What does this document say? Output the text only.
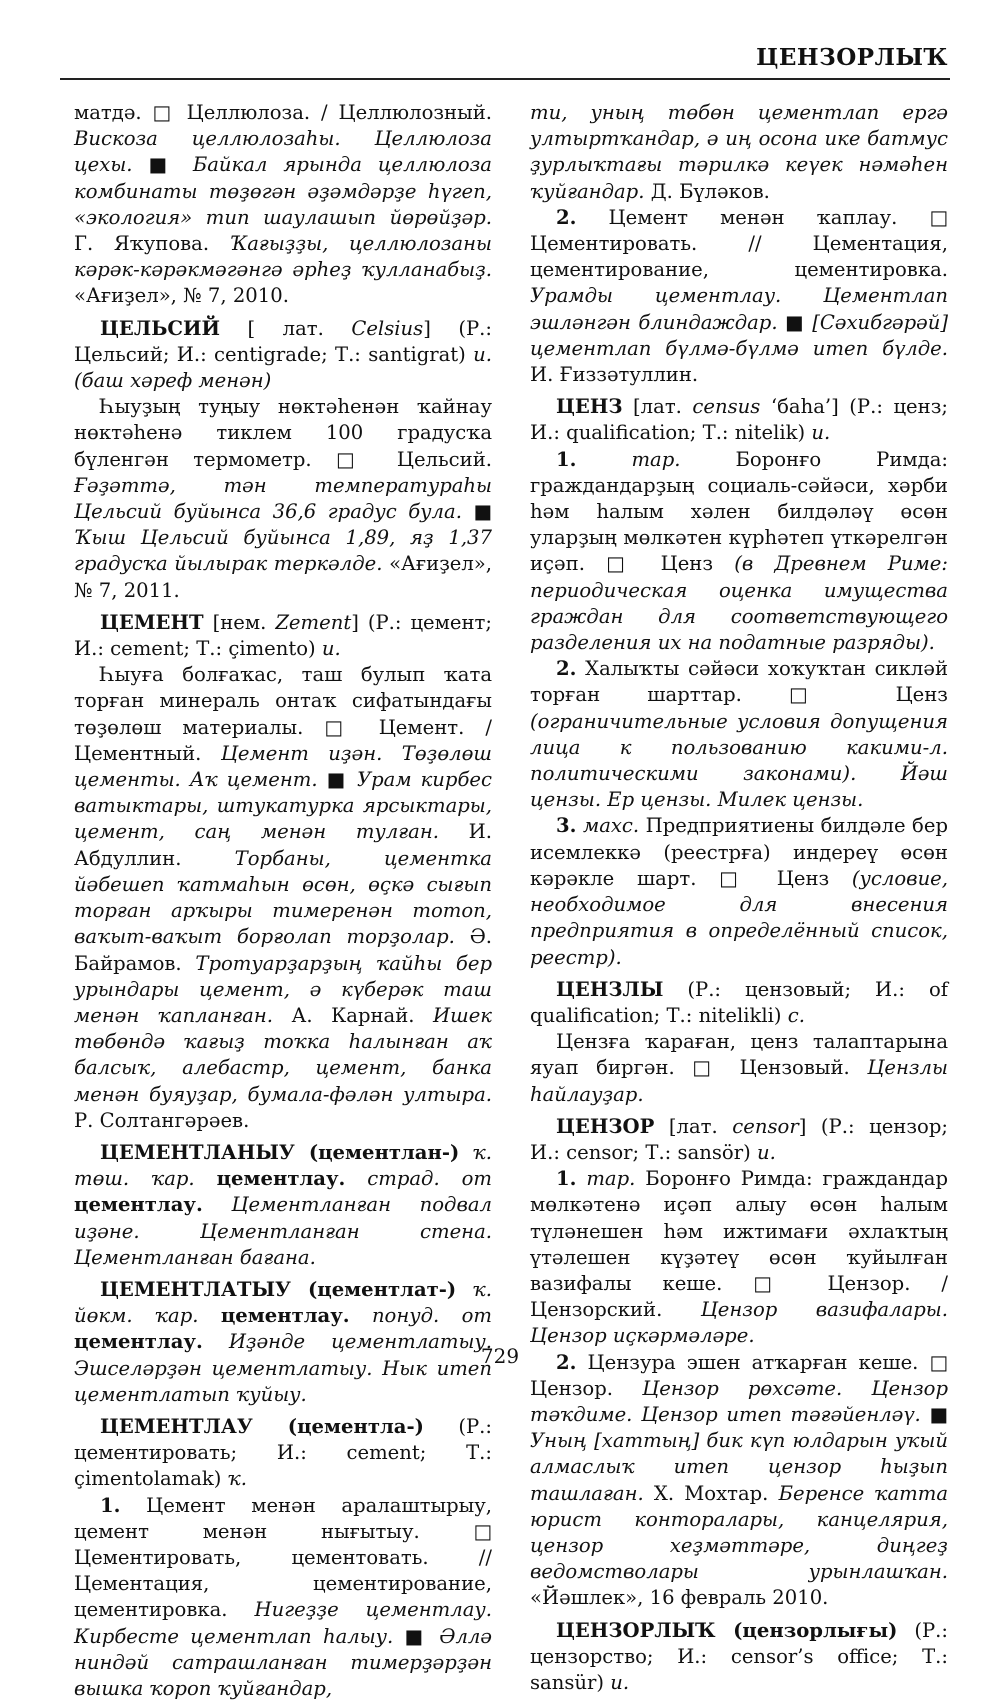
ЦЕНЗОРЛЫҠ

матдә. □ Целлюлоза. / Целлюлозный. Вискоза целлюлозаһы. Целлюлоза цехы. ■ Байкал ярында целлюлоза комбинаты төҙөгән әҙәмдәрҙе һүгеп, «экология» тип шаулашып йөрөйҙәр. Г. Яҡупова. Ҡағыҙҙы, целлюлозаны кәрәк-кәрәкмәгәнгә әрһеҙ ҡулланабыҙ. «Ағиҙел», № 7, 2010.

ЦЕЛЬСИЙ [ лат. Celsius] (Р.: Цельсий; И.: centigrade; Т.: santigrat) и. (баш хәреф менән)

Һыуҙың туңыу нөктәһенән ҡайнау нөктәһенә тиклем 100 градусҡа бүленгән термометр. □ Цельсий. Ғәҙәттә, тән температураһы Цельсий буйынса 36,6 градус була. ■ Ҡыш Цельсий буйынса 1,89, яҙ 1,37 градусҡа йылырак теркәлде. «Ағиҙел», № 7, 2011.

ЦЕМЕНТ [нем. Zement] (Р.: цемент; И.: cement; Т.: çimento) и.

Һыуға болғаҡас, таш булып ҡата торған минераль онтаҡ сифатындағы төҙөлөш материалы. □ Цемент. / Цементный. Цемент иҙән. Төҙөлөш цементы. Аҡ цемент. ■ Урам кирбес ватыктары, штукатурка ярсыктары, цемент, саң менән тулған. И. Абдуллин. Торбаны, цементка йәбешеп ҡатмаһын өсөн, өҫкә сығып торған арҡыры тимеренән тотоп, ваҡыт-ваҡыт борғолап торҙолар. Ә. Байрамов. Тротуарҙарҙың ҡайһы бер урындары цемент, ә күберәк таш менән ҡапланған. А. Карнай. Ишек төбөндә ҡағыҙ тоҡка һалынған аҡ балсыҡ, алебастр, цемент, банка менән буяуҙар, бумала-фәлән ултыра. Р. Солтангәрәев.

ЦЕМЕНТЛАНЫУ (цементлан-) ҡ. төш. ҡар. цементлау. страд. от цементлау. Цементланған подвал иҙәне. Цементланған стена. Цементланған бағана.

ЦЕМЕНТЛАТЫУ (цементлат-) ҡ. йөкм. ҡар. цементлау. понуд. от цементлау. Иҙәнде цементлатыу. Эшселәрҙән цементлатыу. Нык итеп цементлатып ҡуйыу.

ЦЕМЕНТЛАУ (цементла-) (Р.: цементировать; И.: cement; Т.: çimentolamak) ҡ.

1. Цемент менән аралаштырыу, цемент менән нығытыу. □ Цементировать, цементовать. // Цементация, цементирование, цементировка. Нигеҙҙе цементлау. Кирбесте цементлап һалыу. ■ Әллә ниндәй сатрашланған тимерҙәрҙән вышка ҡороп ҡуйғандар,

ти, уның төбөн цементлап ергә ултыртҡандар, ә иң осона ике батмус ҙурлыҡтағы тәрилкә кеүек нәмәһен ҡуйғандар. Д. Бүләков.

2. Цемент менән ҡаплау. □ Цементировать. // Цементация, цементирование, цементировка. Урамды цементлау. Цементлап эшләнгән блиндаждар. ■ [Сәхибгәрәй] цементлап бүлмә-бүлмә итеп бүлде. И. Ғиззәтуллин.

ЦЕНЗ [лат. census ‘баһа’] (Р.: ценз; И.: qualification; Т.: nitelik) и.

1.	тар. Боронғо Римда: граждандарҙың социаль-сәйәси, хәрби һәм һалым хәлен билдәләү өсөн уларҙың мөлкәтен күрһәтеп үткәрелгән иҫәп. □ Ценз (в Древнем Риме: периодическая оценка имущества граждан для соответствующего разделения их на податные разряды).

2. Халыҡты сәйәси хоҡуҡтан сикләй торған шарттар. □ Ценз (ограничительные условия допущения лица к пользованию какими-л. политическими законами). Йәш цензы. Ер цензы. Милек цензы.

3. махс. Предприятиены билдәле бер исемлеккә (реестрға) индереү өсөн кәрәкле шарт. □ Ценз (условие, необходимое для внесения предприятия в определённый список, реестр).

ЦЕНЗЛЫ (Р.: цензовый; И.: of qualification; Т.: nitelikli) с.

Цензға ҡараған, ценз талаптарына яуап биргән. □ Цензовый. Цензлы һайлауҙар.

ЦЕНЗОР [лат. censor] (Р.: цензор; И.: censor; Т.: sansör) и.

1. тар. Боронғо Римда: граждандар мөлкәтенә иҫәп алыу өсөн һалым түләнешен һәм ижтимағи әхлаҡтың үтәлешен күҙәтеү өсөн ҡуйылған вазифалы кеше. □ Цензор. / Цензорский. Цензор вазифалары. Цензор иҫкәрмәләре.

2. Цензура эшен атҡарған кеше. □ Цензор. Цензор рөхсәте. Цензор тәҡдиме. Цензор итеп тәғәйенләү. ■ Уның [хаттың] бик күп юлдарын уҡый алмаслыҡ итеп цензор һыҙып ташлаған. Х. Мохтар. Беренсе ҡатта юрист конторалары, канцелярия, цензор хеҙмәттәре, диңгеҙ ведомстволары урынлашҡан. «Йәшлек», 16 февраль 2010.

ЦЕНЗОРЛЫҠ (цензорлығы) (Р.: цензорство; И.: censor’s office; Т.: sansür) и.

729
